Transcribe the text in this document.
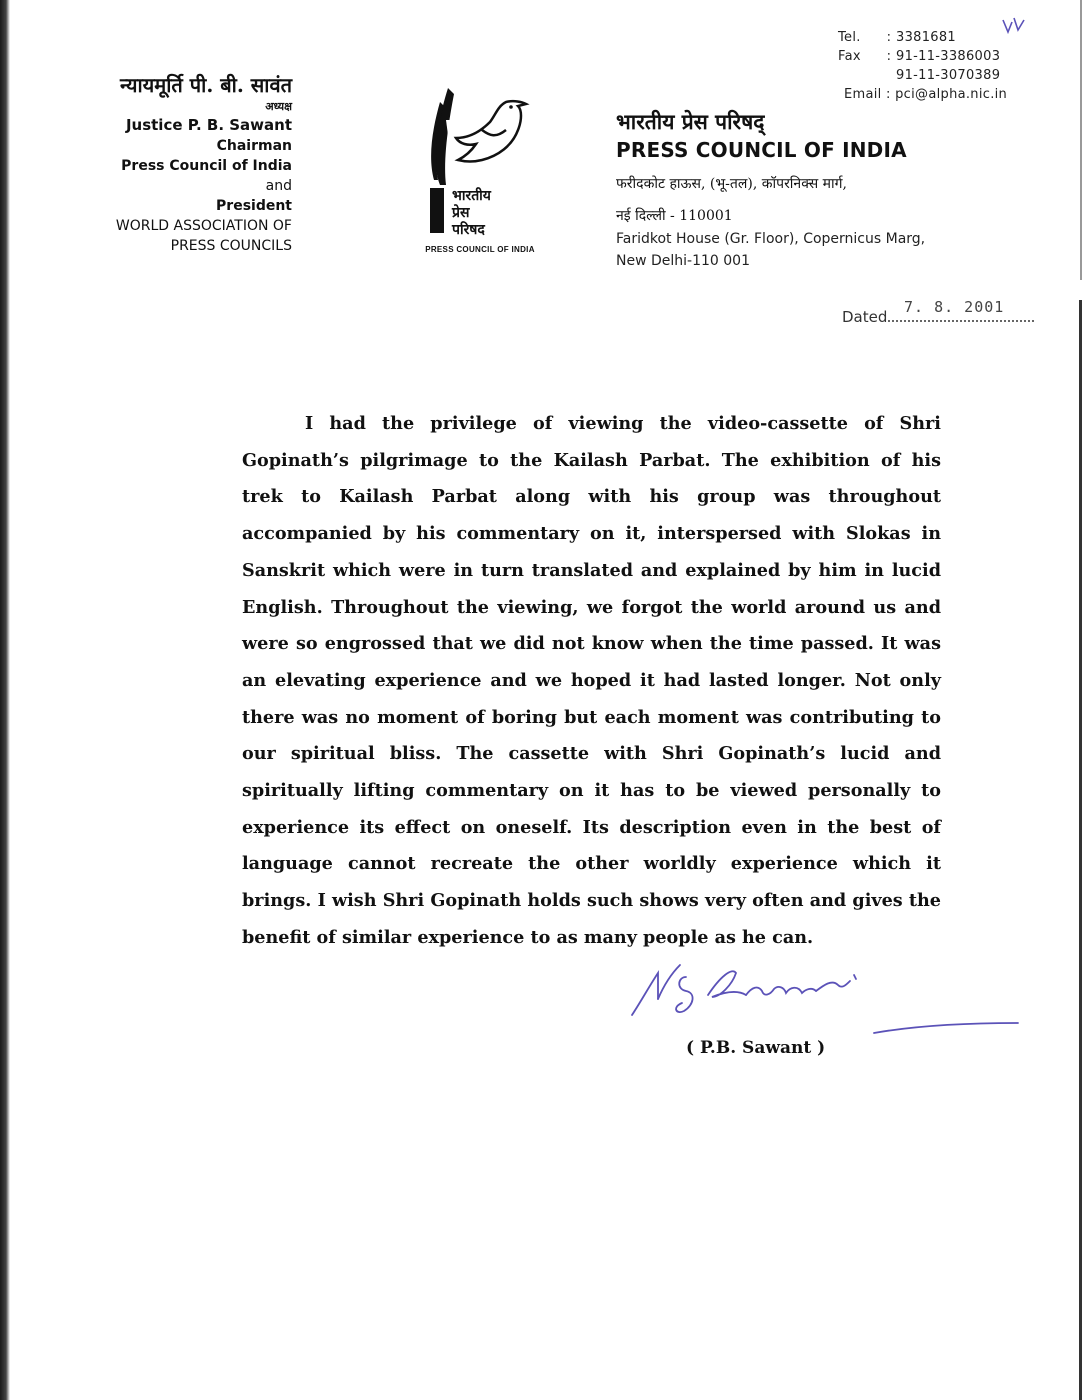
न्यायमूर्ति पी. बी. सावंत
अध्यक्ष
Justice P. B. Sawant
Chairman
Press Council of India
and
President
WORLD ASSOCIATION OF
PRESS COUNCILS
भारतीय
प्रेस
परिषद
PRESS COUNCIL OF INDIA
Tel.	: 3381681
Fax	: 91-11-3386003
91-11-3070389
Email : pci@alpha.nic.in
भारतीय प्रेस परिषद्
PRESS COUNCIL OF INDIA
फरीदकोट हाऊस, (भू-तल), कॉपरनिक्स मार्ग,
नई दिल्ली - 110001
Faridkot House (Gr. Floor), Copernicus Marg,
New Delhi-110 001
Dated
7. 8. 2001

I had the privilege of viewing the video-cassette of Shri Gopinath’s pilgrimage to the Kailash Parbat. The exhibition of his trek to Kailash Parbat along with his group was throughout accompanied by his commentary on it, interspersed with Slokas in Sanskrit which were in turn translated and explained by him in lucid English. Throughout the viewing, we forgot the world around us and were so engrossed that we did not know when the time passed. It was an elevating experience and we hoped it had lasted longer. Not only there was no moment of boring but each moment was contributing to our spiritual bliss. The cassette with Shri Gopinath’s lucid and spiritually lifting commentary on it has to be viewed personally to experience its effect on oneself. Its description even in the best of language cannot recreate the other worldly experience which it brings. I wish Shri Gopinath holds such shows very often and gives the benefit of similar experience to as many people as he can.

( P.B. Sawant )
